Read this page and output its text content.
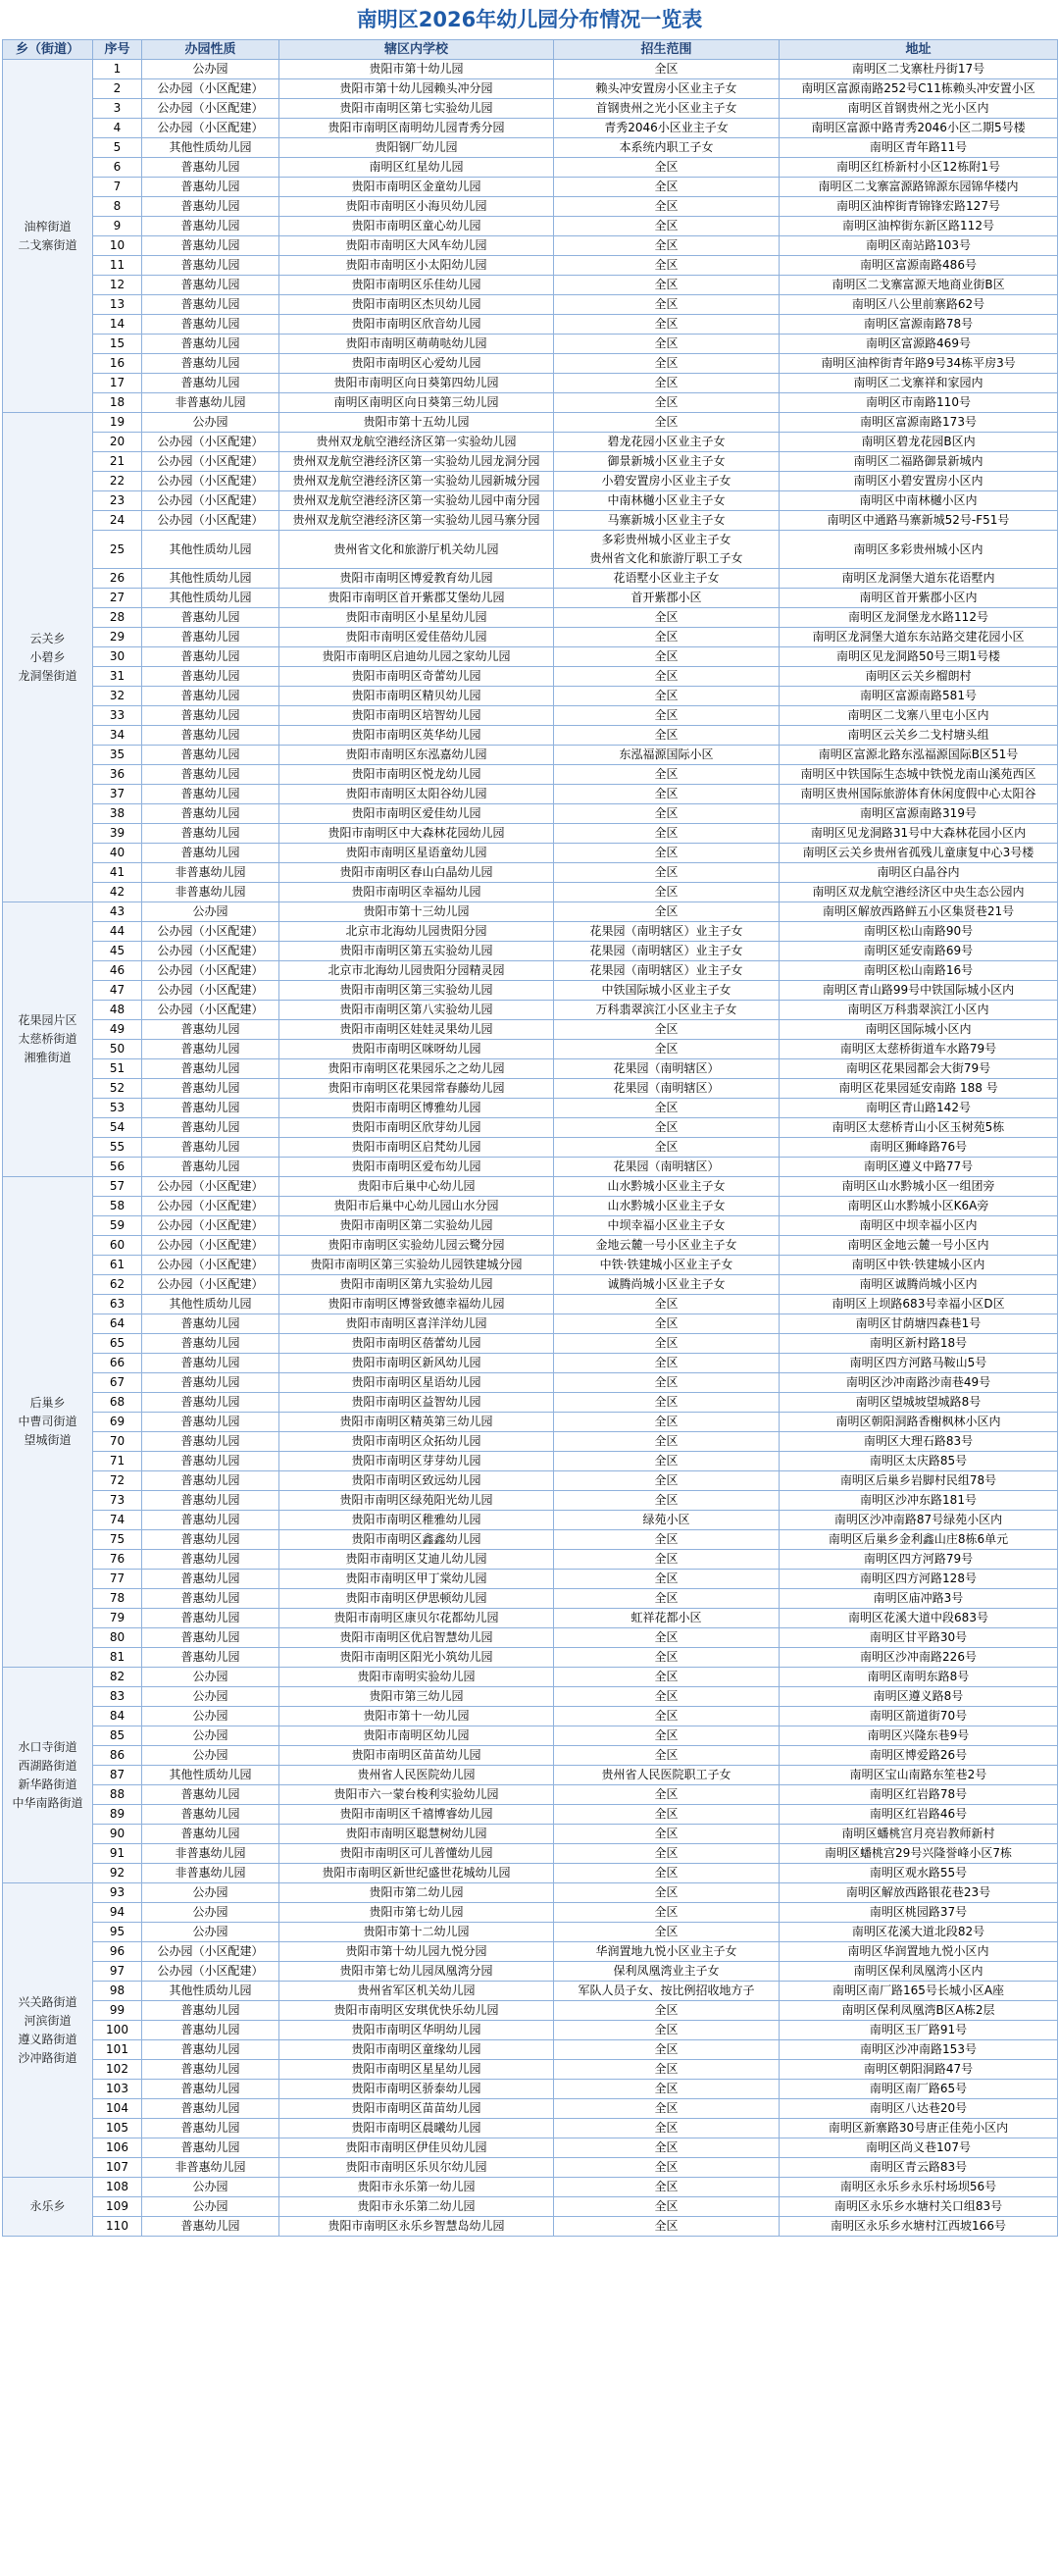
南明区2026年幼儿园分布情况一览表
乡（街道）	序号	办园性质	辖区内学校	招生范围	地址

油榨街道
二戈寨街道	1	公办园	贵阳市第十幼儿园	全区	南明区二戈寨杜丹街17号
	2	公办园（小区配建）	贵阳市第十幼儿园赖头冲分园	赖头冲安置房小区业主子女	南明区富源南路252号C11栋赖头冲安置小区
	3	公办园（小区配建）	贵阳市南明区第七实验幼儿园	首钢贵州之光小区业主子女	南明区首钢贵州之光小区内
	4	公办园（小区配建）	贵阳市南明区南明幼儿园青秀分园	青秀2046小区业主子女	南明区富源中路青秀2046小区二期5号楼
	5	其他性质幼儿园	贵阳钢厂幼儿园	本系统内职工子女	南明区青年路11号
	6	普惠幼儿园	南明区红星幼儿园	全区	南明区红桥新村小区12栋附1号
	7	普惠幼儿园	贵阳市南明区金童幼儿园	全区	南明区二戈寨富源路锦源东园锦华楼内
	8	普惠幼儿园	贵阳市南明区小海贝幼儿园	全区	南明区油榨街青锦锋宏路127号
	9	普惠幼儿园	贵阳市南明区童心幼儿园	全区	南明区油榨街东新区路112号
	10	普惠幼儿园	贵阳市南明区大风车幼儿园	全区	南明区南站路103号
	11	普惠幼儿园	贵阳市南明区小太阳幼儿园	全区	南明区富源南路486号
	12	普惠幼儿园	贵阳市南明区乐佳幼儿园	全区	南明区二戈寨富源天地商业街B区
	13	普惠幼儿园	贵阳市南明区杰贝幼儿园	全区	南明区八公里前寨路62号
	14	普惠幼儿园	贵阳市南明区欣音幼儿园	全区	南明区富源南路78号
	15	普惠幼儿园	贵阳市南明区萌萌哒幼儿园	全区	南明区富源路469号
	16	普惠幼儿园	贵阳市南明区心爱幼儿园	全区	南明区油榨街青年路9号34栋平房3号
	17	普惠幼儿园	贵阳市南明区向日葵第四幼儿园	全区	南明区二戈寨祥和家园内
	18	非普惠幼儿园	南明区南明区向日葵第三幼儿园	全区	南明区市南路110号

云关乡
小碧乡
龙洞堡街道	19	公办园	贵阳市第十五幼儿园	全区	南明区富源南路173号
	20	公办园（小区配建）	贵州双龙航空港经济区第一实验幼儿园	碧龙花园小区业主子女	南明区碧龙花园B区内
	21	公办园（小区配建）	贵州双龙航空港经济区第一实验幼儿园龙洞分园	御景新城小区业主子女	南明区二福路御景新城内
	22	公办园（小区配建）	贵州双龙航空港经济区第一实验幼儿园新城分园	小碧安置房小区业主子女	南明区小碧安置房小区内
	23	公办园（小区配建）	贵州双龙航空港经济区第一实验幼儿园中南分园	中南林樾小区业主子女	南明区中南林樾小区内
	24	公办园（小区配建）	贵州双龙航空港经济区第一实验幼儿园马寨分园	马寨新城小区业主子女	南明区中通路马寨新城52号-F51号
	25	其他性质幼儿园	贵州省文化和旅游厅机关幼儿园	多彩贵州城小区业主子女
贵州省文化和旅游厅职工子女	南明区多彩贵州城小区内
	26	其他性质幼儿园	贵阳市南明区博爱教育幼儿园	花语墅小区业主子女	南明区龙洞堡大道东花语墅内
	27	其他性质幼儿园	贵阳市南明区首开紫郡艾堡幼儿园	首开紫郡小区	南明区首开紫郡小区内
	28	普惠幼儿园	贵阳市南明区小星星幼儿园	全区	南明区龙洞堡龙水路112号
	29	普惠幼儿园	贵阳市南明区爱佳蓓幼儿园	全区	南明区龙洞堡大道东东站路交建花园小区
	30	普惠幼儿园	贵阳市南明区启迪幼儿园之家幼儿园	全区	南明区见龙洞路50号三期1号楼
	31	普惠幼儿园	贵阳市南明区奇蕾幼儿园	全区	南明区云关乡榴朗村
	32	普惠幼儿园	贵阳市南明区精贝幼儿园	全区	南明区富源南路581号
	33	普惠幼儿园	贵阳市南明区培智幼儿园	全区	南明区二戈寨八里屯小区内
	34	普惠幼儿园	贵阳市南明区英华幼儿园	全区	南明区云关乡二戈村塘头组
	35	普惠幼儿园	贵阳市南明区东泓嘉幼儿园	东泓福源国际小区	南明区富源北路东泓福源国际B区51号
	36	普惠幼儿园	贵阳市南明区悦龙幼儿园	全区	南明区中铁国际生态城中铁悦龙南山溪苑西区
	37	普惠幼儿园	贵阳市南明区太阳谷幼儿园	全区	南明区贵州国际旅游体育休闲度假中心太阳谷
	38	普惠幼儿园	贵阳市南明区爱佳幼儿园	全区	南明区富源南路319号
	39	普惠幼儿园	贵阳市南明区中大森林花园幼儿园	全区	南明区见龙洞路31号中大森林花园小区内
	40	普惠幼儿园	贵阳市南明区星语童幼儿园	全区	南明区云关乡贵州省孤残儿童康复中心3号楼
	41	非普惠幼儿园	贵阳市南明区春山白晶幼儿园	全区	南明区白晶谷内
	42	非普惠幼儿园	贵阳市南明区幸福幼儿园	全区	南明区双龙航空港经济区中央生态公园内

花果园片区
太慈桥街道
湘雅街道	43	公办园	贵阳市第十三幼儿园	全区	南明区解放西路鲜五小区集贤巷21号
	44	公办园（小区配建）	北京市北海幼儿园贵阳分园	花果园（南明辖区）业主子女	南明区松山南路90号
	45	公办园（小区配建）	贵阳市南明区第五实验幼儿园	花果园（南明辖区）业主子女	南明区延安南路69号
	46	公办园（小区配建）	北京市北海幼儿园贵阳分园精灵园	花果园（南明辖区）业主子女	南明区松山南路16号
	47	公办园（小区配建）	贵阳市南明区第三实验幼儿园	中铁国际城小区业主子女	南明区青山路99号中铁国际城小区内
	48	公办园（小区配建）	贵阳市南明区第八实验幼儿园	万科翡翠滨江小区业主子女	南明区万科翡翠滨江小区内
	49	普惠幼儿园	贵阳市南明区娃娃灵果幼儿园	全区	南明区国际城小区内
	50	普惠幼儿园	贵阳市南明区咪呀幼儿园	全区	南明区太慈桥街道车水路79号
	51	普惠幼儿园	贵阳市南明区花果园乐之之幼儿园	花果园（南明辖区）	南明区花果园都会大街79号
	52	普惠幼儿园	贵阳市南明区花果园常春藤幼儿园	花果园（南明辖区）	南明区花果园延安南路 188 号
	53	普惠幼儿园	贵阳市南明区博雅幼儿园	全区	南明区青山路142号
	54	普惠幼儿园	贵阳市南明区欣芽幼儿园	全区	南明区太慈桥青山小区玉树苑5栋
	55	普惠幼儿园	贵阳市南明区启梵幼儿园	全区	南明区狮峰路76号
	56	普惠幼儿园	贵阳市南明区爱布幼儿园	花果园（南明辖区）	南明区遵义中路77号

后巢乡
中曹司街道
望城街道	57	公办园（小区配建）	贵阳市后巢中心幼儿园	山水黔城小区业主子女	南明区山水黔城小区一组团旁
	58	公办园（小区配建）	贵阳市后巢中心幼儿园山水分园	山水黔城小区业主子女	南明区山水黔城小区K6A旁
	59	公办园（小区配建）	贵阳市南明区第二实验幼儿园	中坝幸福小区业主子女	南明区中坝幸福小区内
	60	公办园（小区配建）	贵阳市南明区实验幼儿园云鹭分园	金地云麓一号小区业主子女	南明区金地云麓一号小区内
	61	公办园（小区配建）	贵阳市南明区第三实验幼儿园铁建城分园	中铁·铁建城小区业主子女	南明区中铁·铁建城小区内
	62	公办园（小区配建）	贵阳市南明区第九实验幼儿园	诚腾尚城小区业主子女	南明区诚腾尚城小区内
	63	其他性质幼儿园	贵阳市南明区博誉致德幸福幼儿园	全区	南明区上坝路683号幸福小区D区
	64	普惠幼儿园	贵阳市南明区喜洋洋幼儿园	全区	南明区甘荫塘四森巷1号
	65	普惠幼儿园	贵阳市南明区蓓蕾幼儿园	全区	南明区新村路18号
	66	普惠幼儿园	贵阳市南明区新风幼儿园	全区	南明区四方河路马鞍山5号
	67	普惠幼儿园	贵阳市南明区星语幼儿园	全区	南明区沙冲南路沙南巷49号
	68	普惠幼儿园	贵阳市南明区益智幼儿园	全区	南明区望城坡望城路8号
	69	普惠幼儿园	贵阳市南明区精英第三幼儿园	全区	南明区朝阳洞路香榭枫林小区内
	70	普惠幼儿园	贵阳市南明区众拓幼儿园	全区	南明区大理石路83号
	71	普惠幼儿园	贵阳市南明区芽芽幼儿园	全区	南明区太庆路85号
	72	普惠幼儿园	贵阳市南明区致远幼儿园	全区	南明区后巢乡岩脚村民组78号
	73	普惠幼儿园	贵阳市南明区绿苑阳光幼儿园	全区	南明区沙冲东路181号
	74	普惠幼儿园	贵阳市南明区稚雅幼儿园	绿苑小区	南明区沙冲南路87号绿苑小区内
	75	普惠幼儿园	贵阳市南明区鑫鑫幼儿园	全区	南明区后巢乡金利鑫山庄8栋6单元
	76	普惠幼儿园	贵阳市南明区艾迪儿幼儿园	全区	南明区四方河路79号
	77	普惠幼儿园	贵阳市南明区甲丁棠幼儿园	全区	南明区四方河路128号
	78	普惠幼儿园	贵阳市南明区伊思顿幼儿园	全区	南明区庙冲路3号
	79	普惠幼儿园	贵阳市南明区康贝尔花都幼儿园	虹祥花都小区	南明区花溪大道中段683号
	80	普惠幼儿园	贵阳市南明区优启智慧幼儿园	全区	南明区甘平路30号
	81	普惠幼儿园	贵阳市南明区阳光小筑幼儿园	全区	南明区沙冲南路226号

水口寺街道
西湖路街道
新华路街道
中华南路街道	82	公办园	贵阳市南明实验幼儿园	全区	南明区南明东路8号
	83	公办园	贵阳市第三幼儿园	全区	南明区遵义路8号
	84	公办园	贵阳市第十一幼儿园	全区	南明区箭道街70号
	85	公办园	贵阳市南明区幼儿园	全区	南明区兴隆东巷9号
	86	公办园	贵阳市南明区苗苗幼儿园	全区	南明区博爱路26号
	87	其他性质幼儿园	贵州省人民医院幼儿园	贵州省人民医院职工子女	南明区宝山南路东笙巷2号
	88	普惠幼儿园	贵阳市六一蒙台梭利实验幼儿园	全区	南明区红岩路78号
	89	普惠幼儿园	贵阳市南明区千禧博睿幼儿园	全区	南明区红岩路46号
	90	普惠幼儿园	贵阳市南明区聪慧树幼儿园	全区	南明区蟠桃宫月亮岩教师新村
	91	非普惠幼儿园	贵阳市南明区可儿普懂幼儿园	全区	南明区蟠桃宫29号兴隆誉峰小区7栋
	92	非普惠幼儿园	贵阳市南明区新世纪盛世花城幼儿园	全区	南明区观水路55号

兴关路街道
河滨街道
遵义路街道
沙冲路街道	93	公办园	贵阳市第二幼儿园	全区	南明区解放西路银花巷23号
	94	公办园	贵阳市第七幼儿园	全区	南明区桃园路37号
	95	公办园	贵阳市第十二幼儿园	全区	南明区花溪大道北段82号
	96	公办园（小区配建）	贵阳市第十幼儿园九悦分园	华润置地九悦小区业主子女	南明区华润置地九悦小区内
	97	公办园（小区配建）	贵阳市第七幼儿园凤凰湾分园	保利凤凰湾业主子女	南明区保利凤凰湾小区内
	98	其他性质幼儿园	贵州省军区机关幼儿园	军队人员子女、按比例招收地方子	南明区南厂路165号长城小区A座
	99	普惠幼儿园	贵阳市南明区安琪优快乐幼儿园	全区	南明区保利凤凰湾B区A栋2层
	100	普惠幼儿园	贵阳市南明区华明幼儿园	全区	南明区玉厂路91号
	101	普惠幼儿园	贵阳市南明区童缘幼儿园	全区	南明区沙冲南路153号
	102	普惠幼儿园	贵阳市南明区星星幼儿园	全区	南明区朝阳洞路47号
	103	普惠幼儿园	贵阳市南明区骄泰幼儿园	全区	南明区南厂路65号
	104	普惠幼儿园	贵阳市南明区苗苗幼儿园	全区	南明区八达巷20号
	105	普惠幼儿园	贵阳市南明区晨曦幼儿园	全区	南明区新寨路30号唐正佳苑小区内
	106	普惠幼儿园	贵阳市南明区伊佳贝幼儿园	全区	南明区尚义巷107号
	107	非普惠幼儿园	贵阳市南明区乐贝尔幼儿园	全区	南明区青云路83号

永乐乡	108	公办园	贵阳市永乐第一幼儿园	全区	南明区永乐乡永乐村场坝56号
	109	公办园	贵阳市永乐第二幼儿园	全区	南明区永乐乡水塘村关口组83号
	110	普惠幼儿园	贵阳市南明区永乐乡智慧岛幼儿园	全区	南明区永乐乡水塘村江西坡166号
